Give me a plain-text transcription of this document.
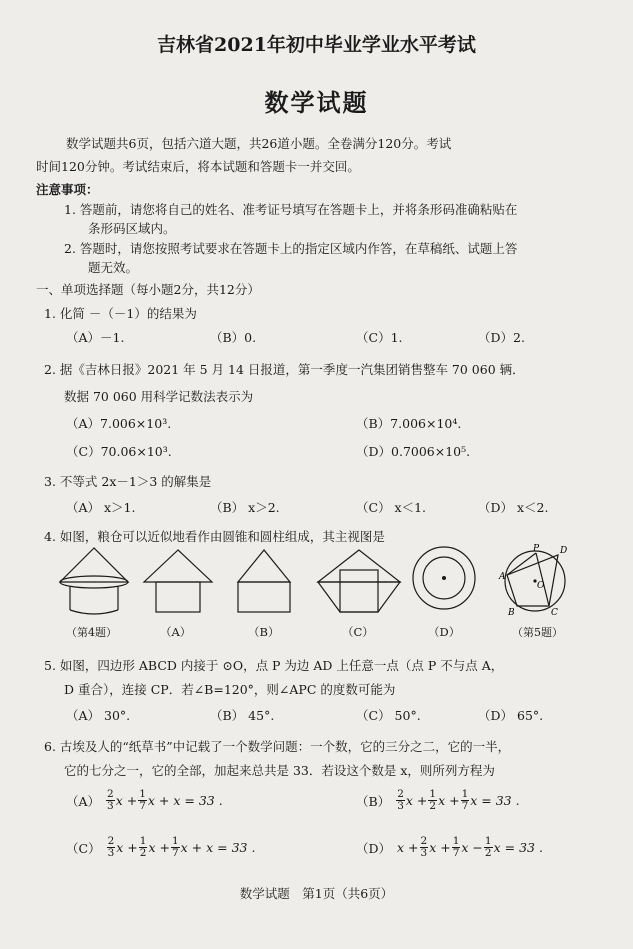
吉林省2021年初中毕业学业水平考试
数学试题
数学试题共6页，包括六道大题，共26道小题。全卷满分120分。考试
时间120分钟。考试结束后，将本试题和答题卡一并交回。
注意事项：
1. 答题前，请您将自己的姓名、准考证号填写在答题卡上，并将条形码准确粘贴在
条形码区域内。
2. 答题时，请您按照考试要求在答题卡上的指定区域内作答，在草稿纸、试题上答
题无效。
一、单项选择题（每小题2分，共12分）
1. 化简 －（－1）的结果为
（A）－1.	（B）0.	（C）1.	（D）2.
2. 据《吉林日报》2021 年 5 月 14 日报道，第一季度一汽集团销售整车 70 060 辆．
数据 70 060 用科学记数法表示为
（A）7.006×10³.	（B）7.006×10⁴.
（C）70.06×10³.	（D）0.7006×10⁵.
3. 不等式 2x－1＞3 的解集是
（A） x＞1.	（B） x＞2.	（C） x＜1.	（D） x＜2.
4. 如图，粮仓可以近似地看作由圆锥和圆柱组成，其主视图是
A
B	C
D
P
O
（第4题）	（A）	（B）	（C）	（D）	（第5题）
5. 如图，四边形 ABCD 内接于 ⊙O，点 P 为边 AD 上任意一点（点 P 不与点 A，
D 重合），连接 CP．若∠B=120°，则∠APC 的度数可能为
（A） 30°.	（B） 45°.	（C） 50°.	（D） 65°.
6. 古埃及人的“纸草书”中记载了一个数学问题：一个数，它的三分之二，它的一半，
它的七分之一，它的全部，加起来总共是 33．若设这个数是 x，则所列方程为
$(A) \frac{2}{3}$ $x + \frac{1}{7}$ x + x = 33 .	$(B) \frac{2}{3}$ $x + \frac{1}{2}$ $x + \frac{1}{7}$ x = 33 .
$(C) \frac{2}{3}$ $x + \frac{1}{2}$ $x + \frac{1}{7}$ x + x = 33 .	（D） $x + \frac{2}{3}$ $x + \frac{1}{7}$ $x - \frac{1}{2}$ x = 33 .
数学试题　第1页（共6页）
